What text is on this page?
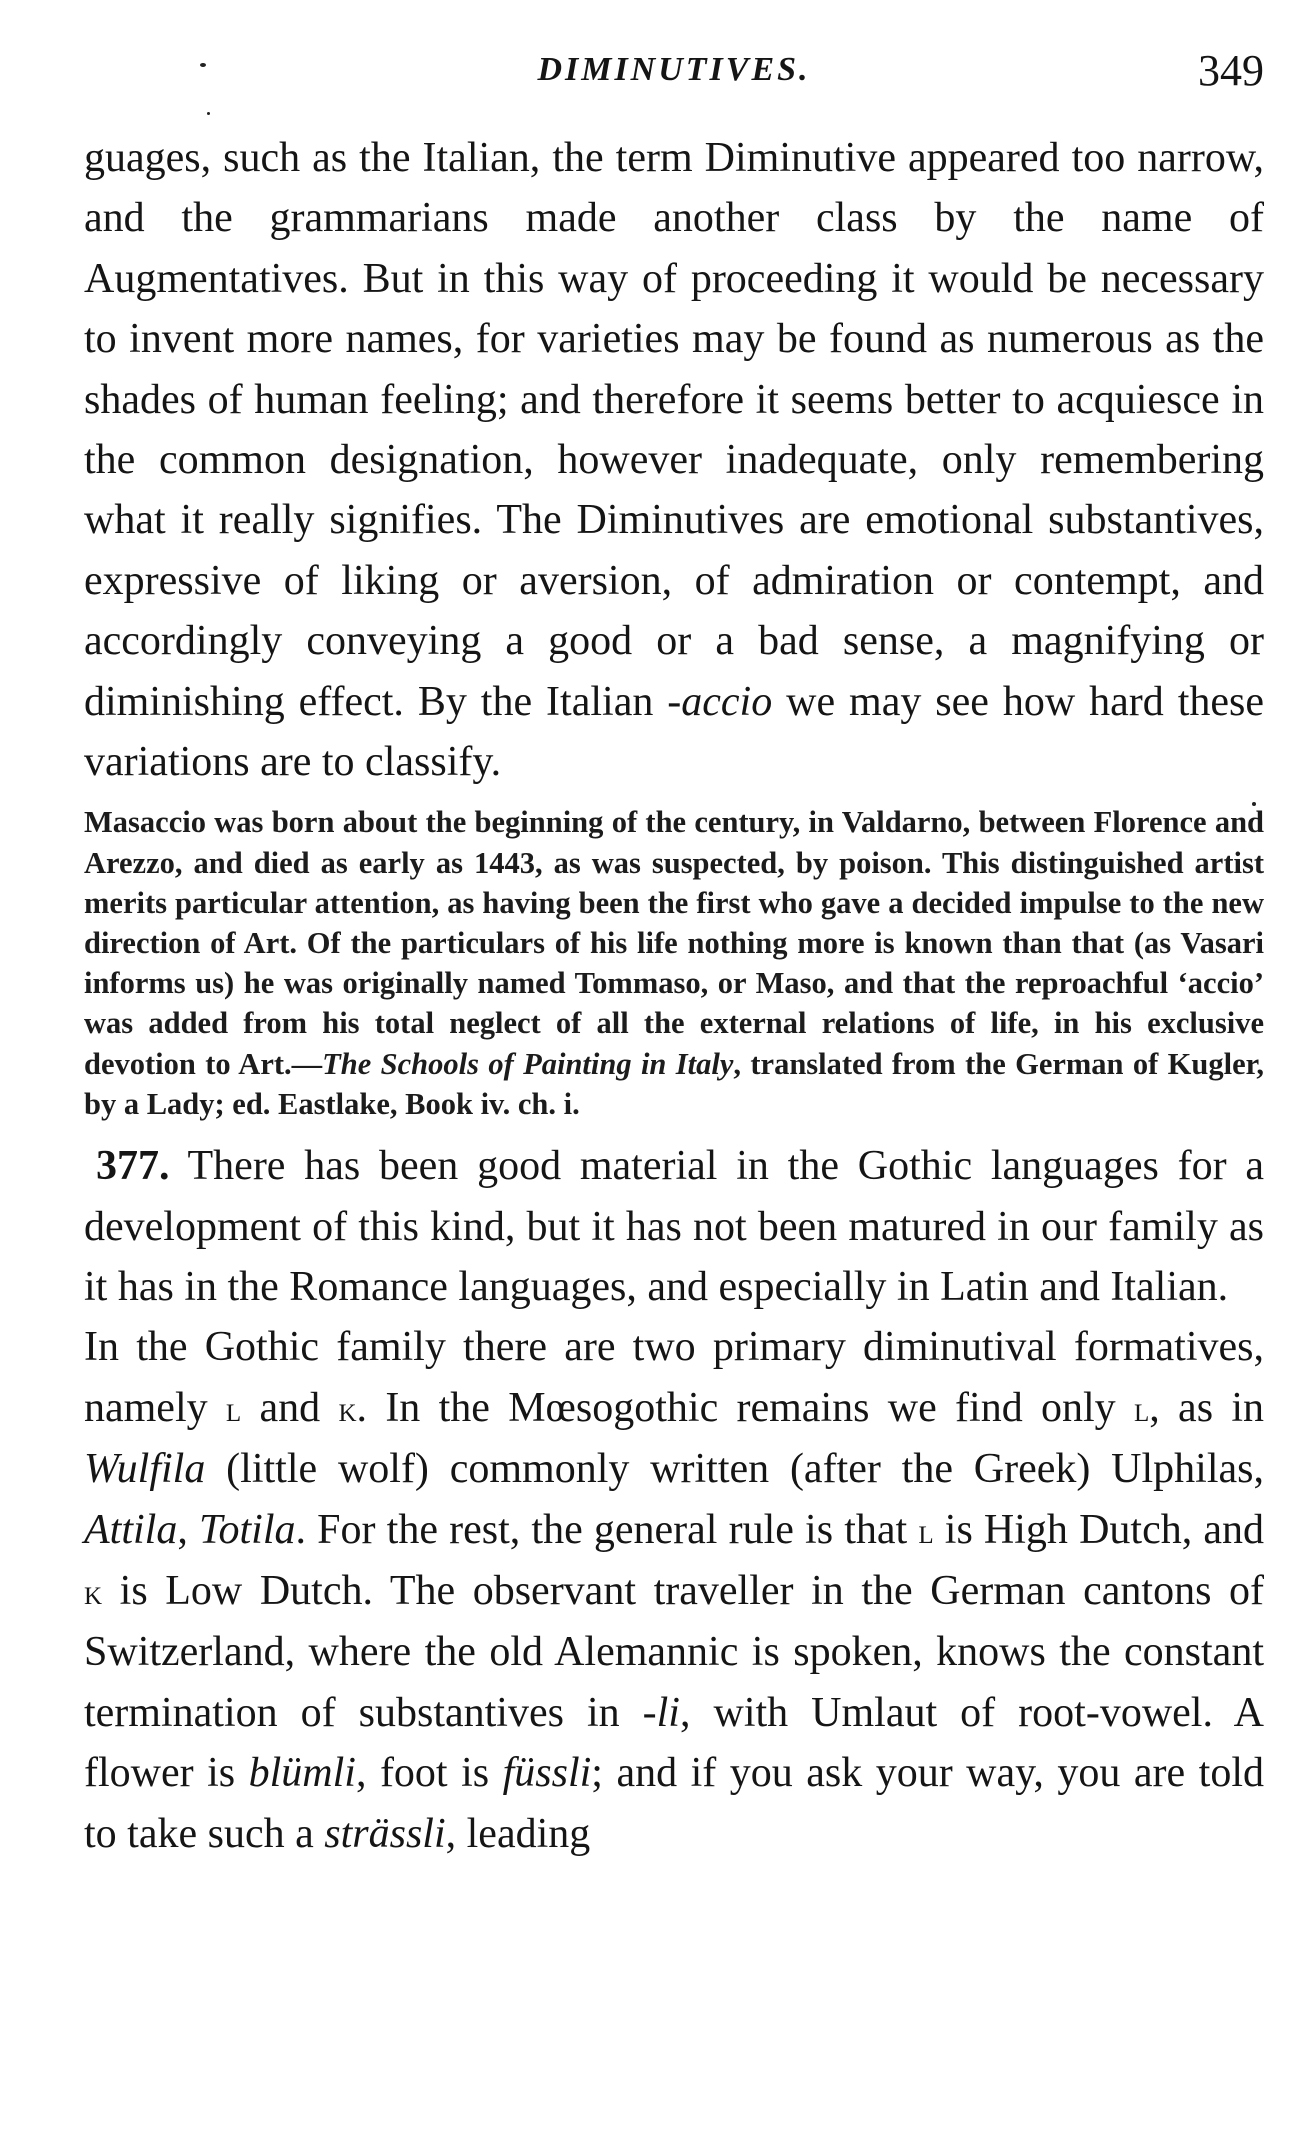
DIMINUTIVES.	349

guages, such as the Italian, the term Diminutive appeared too narrow, and the grammarians made another class by the name of Augmentatives. But in this way of proceeding it would be necessary to invent more names, for varieties may be found as numerous as the shades of human feeling; and therefore it seems better to acquiesce in the common designation, however inadequate, only remembering what it really signifies. The Diminutives are emotional substantives, expressive of liking or aversion, of admiration or contempt, and accordingly conveying a good or a bad sense, a magnifying or diminishing effect. By the Italian -accio we may see how hard these variations are to classify.

Masaccio was born about the beginning of the century, in Valdarno, between Florence and Arezzo, and died as early as 1443, as was suspected, by poison. This distinguished artist merits particular attention, as having been the first who gave a decided impulse to the new direction of Art. Of the particulars of his life nothing more is known than that (as Vasari informs us) he was originally named Tommaso, or Maso, and that the reproachful ‘accio’ was added from his total neglect of all the external relations of life, in his exclusive devotion to Art.—The Schools of Painting in Italy, translated from the German of Kugler, by a Lady; ed. Eastlake, Book iv. ch. i.

377. There has been good material in the Gothic languages for a development of this kind, but it has not been matured in our family as it has in the Romance languages, and especially in Latin and Italian.

In the Gothic family there are two primary diminutival formatives, namely l and k. In the Mœsogothic remains we find only l, as in Wulfila (little wolf) commonly written (after the Greek) Ulphilas, Attila, Totila. For the rest, the general rule is that l is High Dutch, and k is Low Dutch. The observant traveller in the German cantons of Switzerland, where the old Alemannic is spoken, knows the constant termination of substantives in -li, with Umlaut of root-vowel. A flower is blümli, foot is füssli; and if you ask your way, you are told to take such a strässli, leading
